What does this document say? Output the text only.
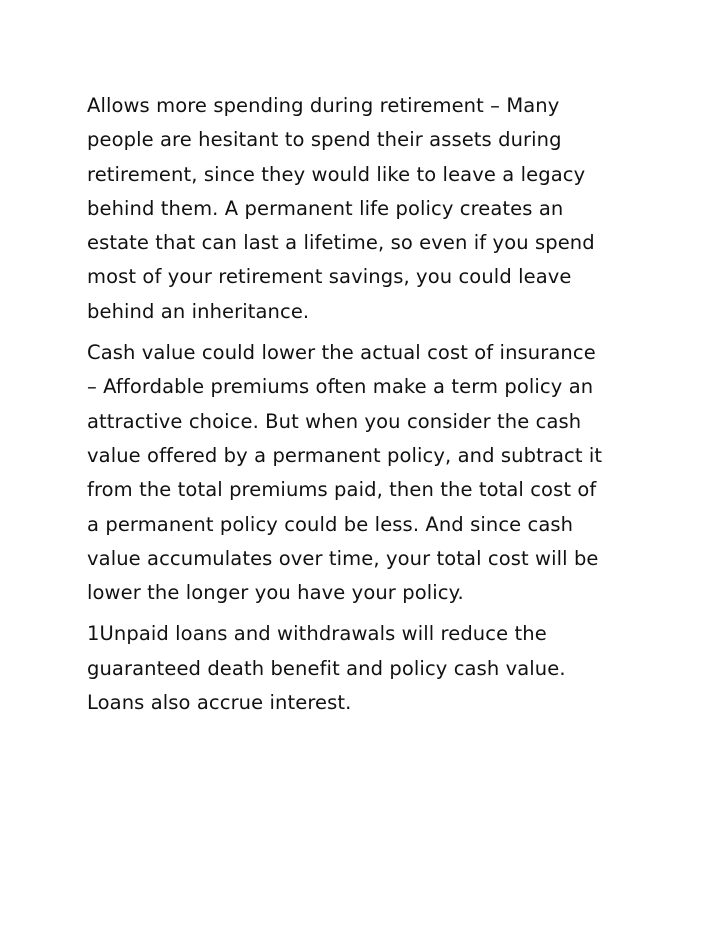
Allows more spending during retirement – Many
people are hesitant to spend their assets during
retirement, since they would like to leave a legacy
behind them. A permanent life policy creates an
estate that can last a lifetime, so even if you spend
most of your retirement savings, you could leave
behind an inheritance.

Cash value could lower the actual cost of insurance
– Affordable premiums often make a term policy an
attractive choice. But when you consider the cash
value offered by a permanent policy, and subtract it
from the total premiums paid, then the total cost of
a permanent policy could be less. And since cash
value accumulates over time, your total cost will be
lower the longer you have your policy.

1Unpaid loans and withdrawals will reduce the
guaranteed death benefit and policy cash value.
Loans also accrue interest.
